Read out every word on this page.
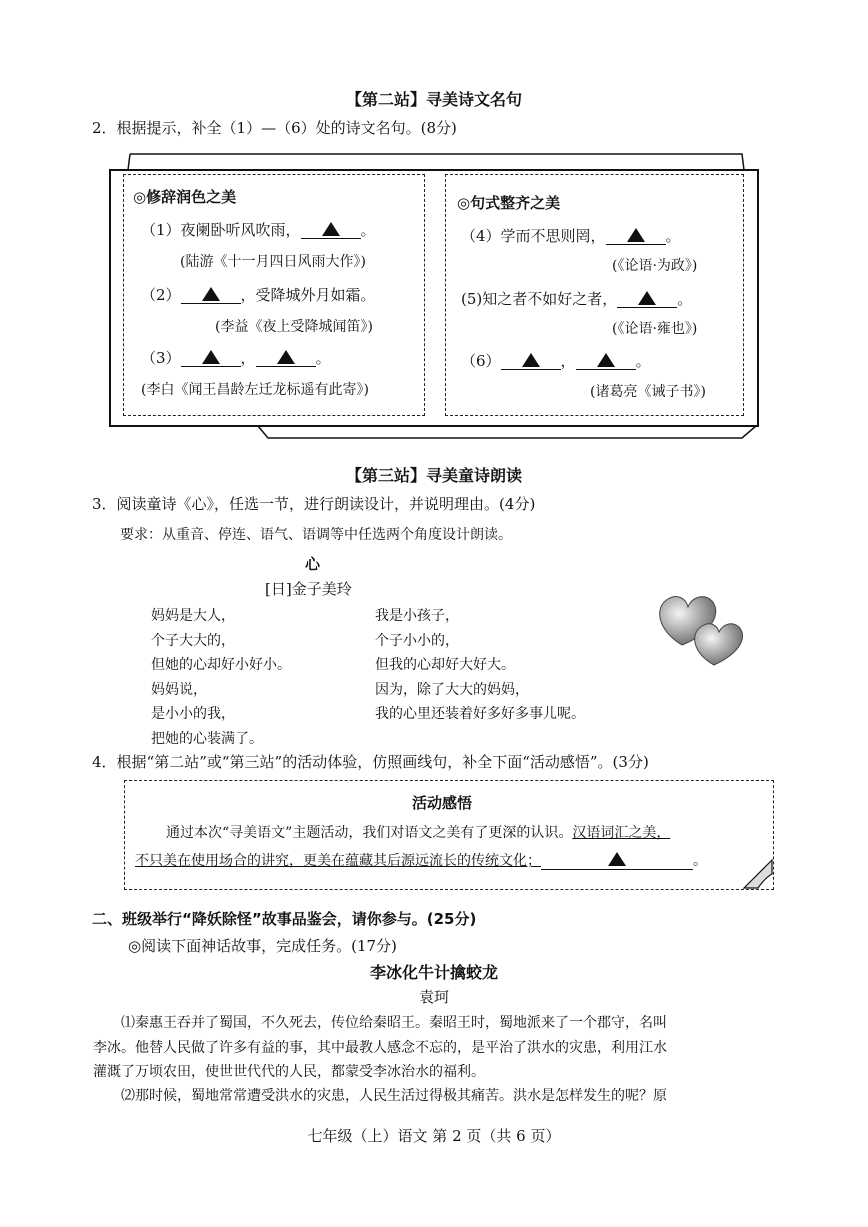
【第二站】寻美诗文名句
2．根据提示，补全（1）—（6）处的诗文名句。(8分)
◎修辞润色之美
（1）夜阑卧听风吹雨，	。
(陆游《十一月四日风雨大作》)
（2）	，受降城外月如霜。
(李益《夜上受降城闻笛》)
（3）	，	。
(李白《闻王昌龄左迁龙标遥有此寄》)
◎句式整齐之美
（4）学而不思则罔，	。
(《论语·为政》)
(5)知之者不如好之者，	。
(《论语·雍也》)
（6）	，	。
(诸葛亮《诫子书》)
【第三站】寻美童诗朗读
3．阅读童诗《心》，任选一节，进行朗读设计，并说明理由。(4分)
要求：从重音、停连、语气、语调等中任选两个角度设计朗读。
心
[日]金子美玲
妈妈是大人，
个子大大的，
但她的心却好小好小。
妈妈说，
是小小的我，
把她的心装满了。
我是小孩子，
个子小小的，
但我的心却好大好大。
因为，除了大大的妈妈，
我的心里还装着好多好多事儿呢。
4．根据“第二站”或“第三站”的活动体验，仿照画线句，补全下面“活动感悟”。(3分)
活动感悟
通过本次“寻美语文”主题活动，我们对语文之美有了更深的认识。汉语词汇之美，
不只美在使用场合的讲究，更美在蕴藏其后源远流长的传统文化；	。
二、班级举行“降妖除怪”故事品鉴会，请你参与。(25分)
◎阅读下面神话故事，完成任务。(17分)
李冰化牛计擒蛟龙
袁珂
⑴秦惠王吞并了蜀国，不久死去，传位给秦昭王。秦昭王时，蜀地派来了一个郡守，名叫
李冰。他替人民做了许多有益的事，其中最教人感念不忘的，是平治了洪水的灾患，利用江水
灌溉了万顷农田，使世世代代的人民，都蒙受李冰治水的福利。
⑵那时候，蜀地常常遭受洪水的灾患，人民生活过得极其痛苦。洪水是怎样发生的呢？原
七年级（上）语文 第 2 页（共 6 页）
